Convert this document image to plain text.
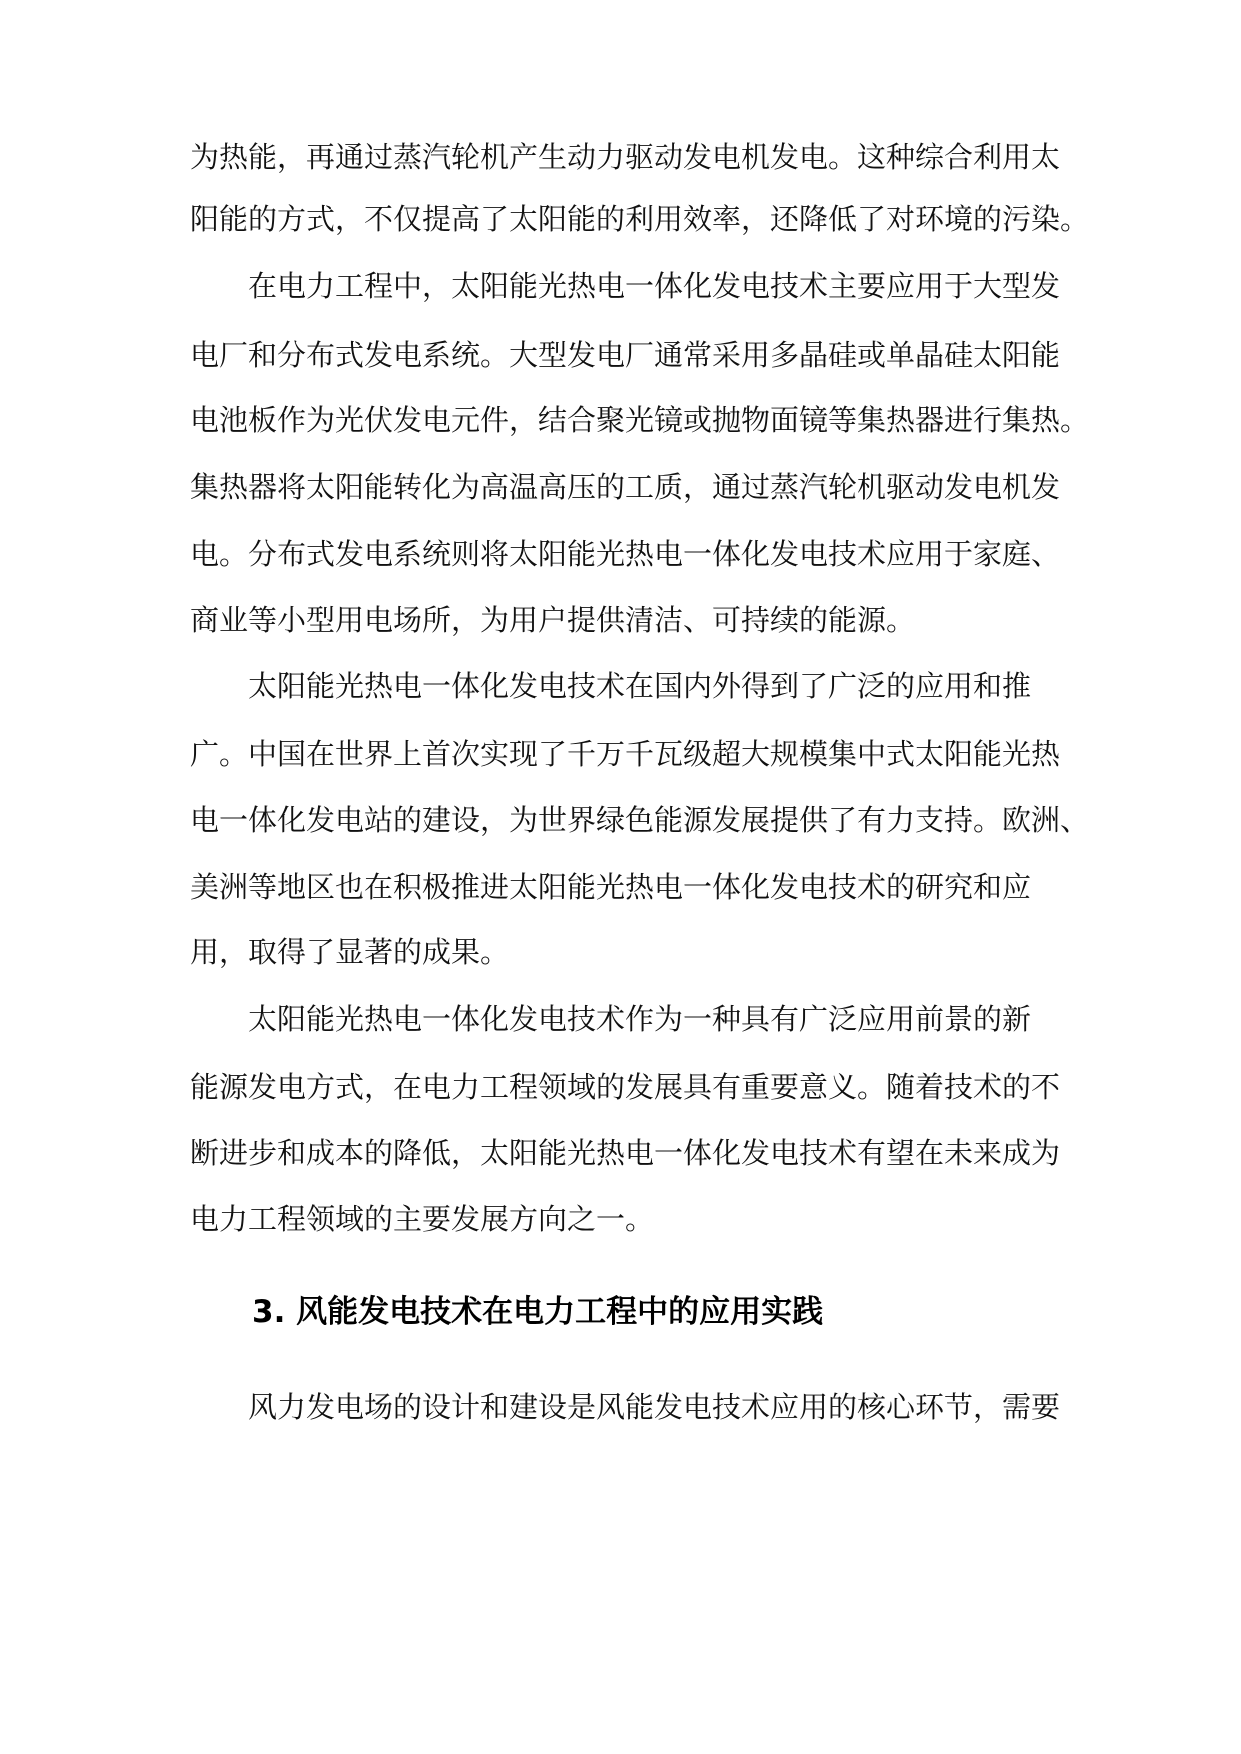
为热能，再通过蒸汽轮机产生动力驱动发电机发电。这种综合利用太
阳能的方式，不仅提高了太阳能的利用效率，还降低了对环境的污染。
在电力工程中，太阳能光热电一体化发电技术主要应用于大型发
电厂和分布式发电系统。大型发电厂通常采用多晶硅或单晶硅太阳能
电池板作为光伏发电元件，结合聚光镜或抛物面镜等集热器进行集热。
集热器将太阳能转化为高温高压的工质，通过蒸汽轮机驱动发电机发
电。分布式发电系统则将太阳能光热电一体化发电技术应用于家庭、
商业等小型用电场所，为用户提供清洁、可持续的能源。
太阳能光热电一体化发电技术在国内外得到了广泛的应用和推
广。中国在世界上首次实现了千万千瓦级超大规模集中式太阳能光热
电一体化发电站的建设，为世界绿色能源发展提供了有力支持。欧洲、
美洲等地区也在积极推进太阳能光热电一体化发电技术的研究和应
用，取得了显著的成果。
太阳能光热电一体化发电技术作为一种具有广泛应用前景的新
能源发电方式，在电力工程领域的发展具有重要意义。随着技术的不
断进步和成本的降低，太阳能光热电一体化发电技术有望在未来成为
电力工程领域的主要发展方向之一。
3. 风能发电技术在电力工程中的应用实践
风力发电场的设计和建设是风能发电技术应用的核心环节，需要
